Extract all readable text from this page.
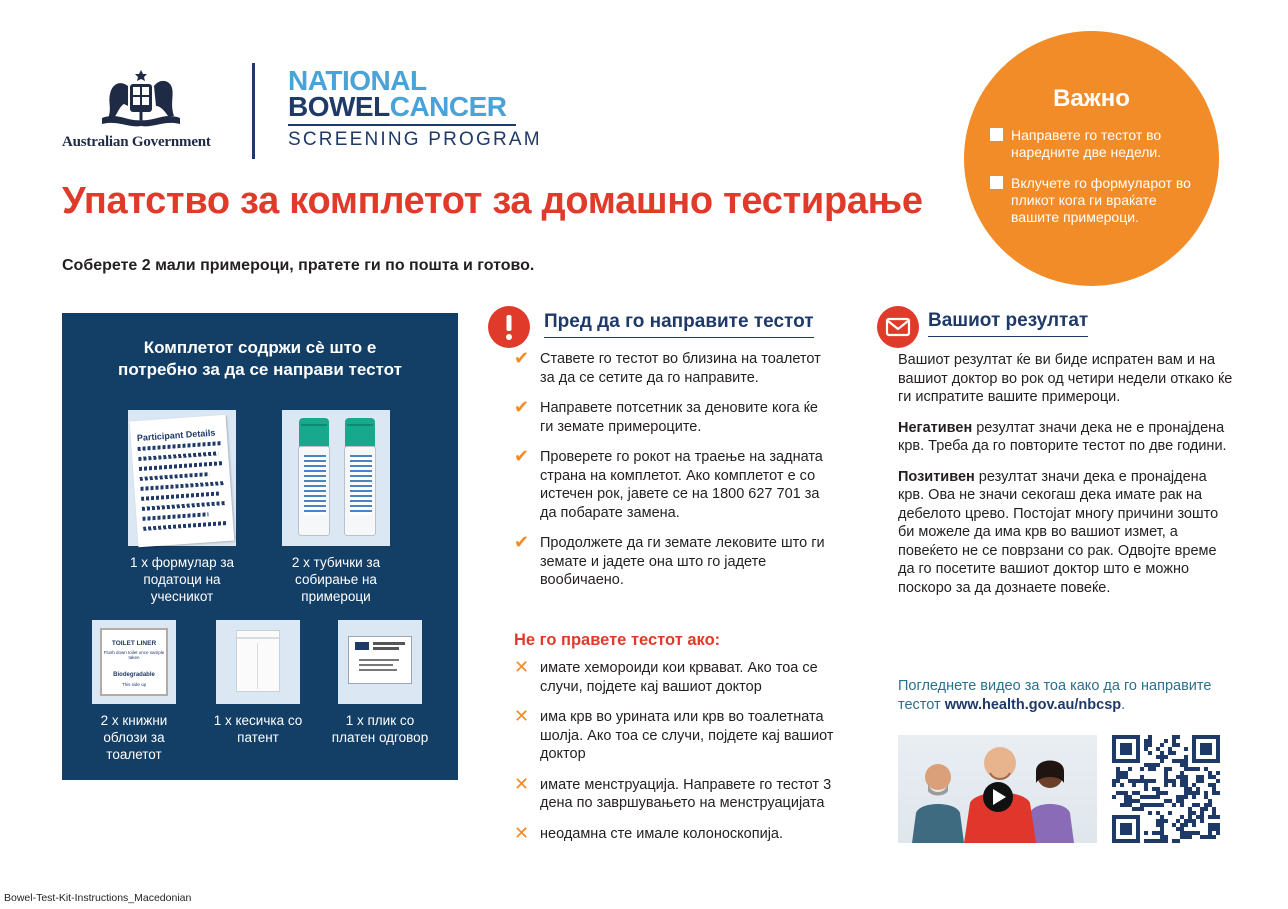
Australian Government
NATIONAL
BOWELCANCER
SCREENING PROGRAM
Важно
Направете го тестот во наредните две недели.
Вклучете го формуларот во пликот кога ги враќате вашите примероци.
Упатство за комплетот за домашно тестирање
Соберете 2 мали примероци, пратете ги по пошта и готово.
Комплетот содржи сè што е потребно за да се направи тестот
Participant Details
1 х формулар за податоци на учесникот
2 х тубички за собирање на примероци
TOILET LINER
Flush down toilet once sample taken
Biodegradable
This side up
2 х книжни облози за тоалетот
1 х кесичка со патент
1 х плик со платен одговор
Пред да го направите тестот
✔ Ставете го тестот во близина на тоалетот за да се сетите да го направите.
✔ Направете потсетник за деновите кога ќе ги земате примероците.
✔ Проверете го рокот на траење на задната страна на комплетот. Ако комплетот е со истечен рок, јавете се на 1800 627 701 за да побарате замена.
✔ Продолжете да ги земате лековите што ги земате и јадете она што го јадете вообичаено.
Не го правете тестот ако:
✕ имате хемороиди кои крвават. Ако тоа се случи, појдете кај вашиот доктор
✕ има крв во урината или крв во тоалетната шолја. Ако тоа се случи, појдете кај вашиот доктор
✕ имате менструација. Направете го тестот 3 дена по завршувањето на менструацијата
✕ неодамна сте имале колоноскопија.
Вашиот резултат

Вашиот резултат ќе ви биде испратен вам и на вашиот доктор во рок од четири недели откако ќе ги испратите вашите примероци.

Негативен резултат значи дека не е пронајдена крв. Треба да го повторите тестот по две години.

Позитивен резултат значи дека е пронајдена крв. Ова не значи секогаш дека имате рак на дебелото црево. Постојат многу причини зошто би можеле да има крв во вашиот измет, а повеќето не се поврзани со рак. Одвојте време да го посетите вашиот доктор што е можно поскоро за да дознаете повеќе.

Погледнете видео за тоа како да го направите тестот www.health.gov.au/nbcsp.
Bowel-Test-Kit-Instructions_Macedonian
